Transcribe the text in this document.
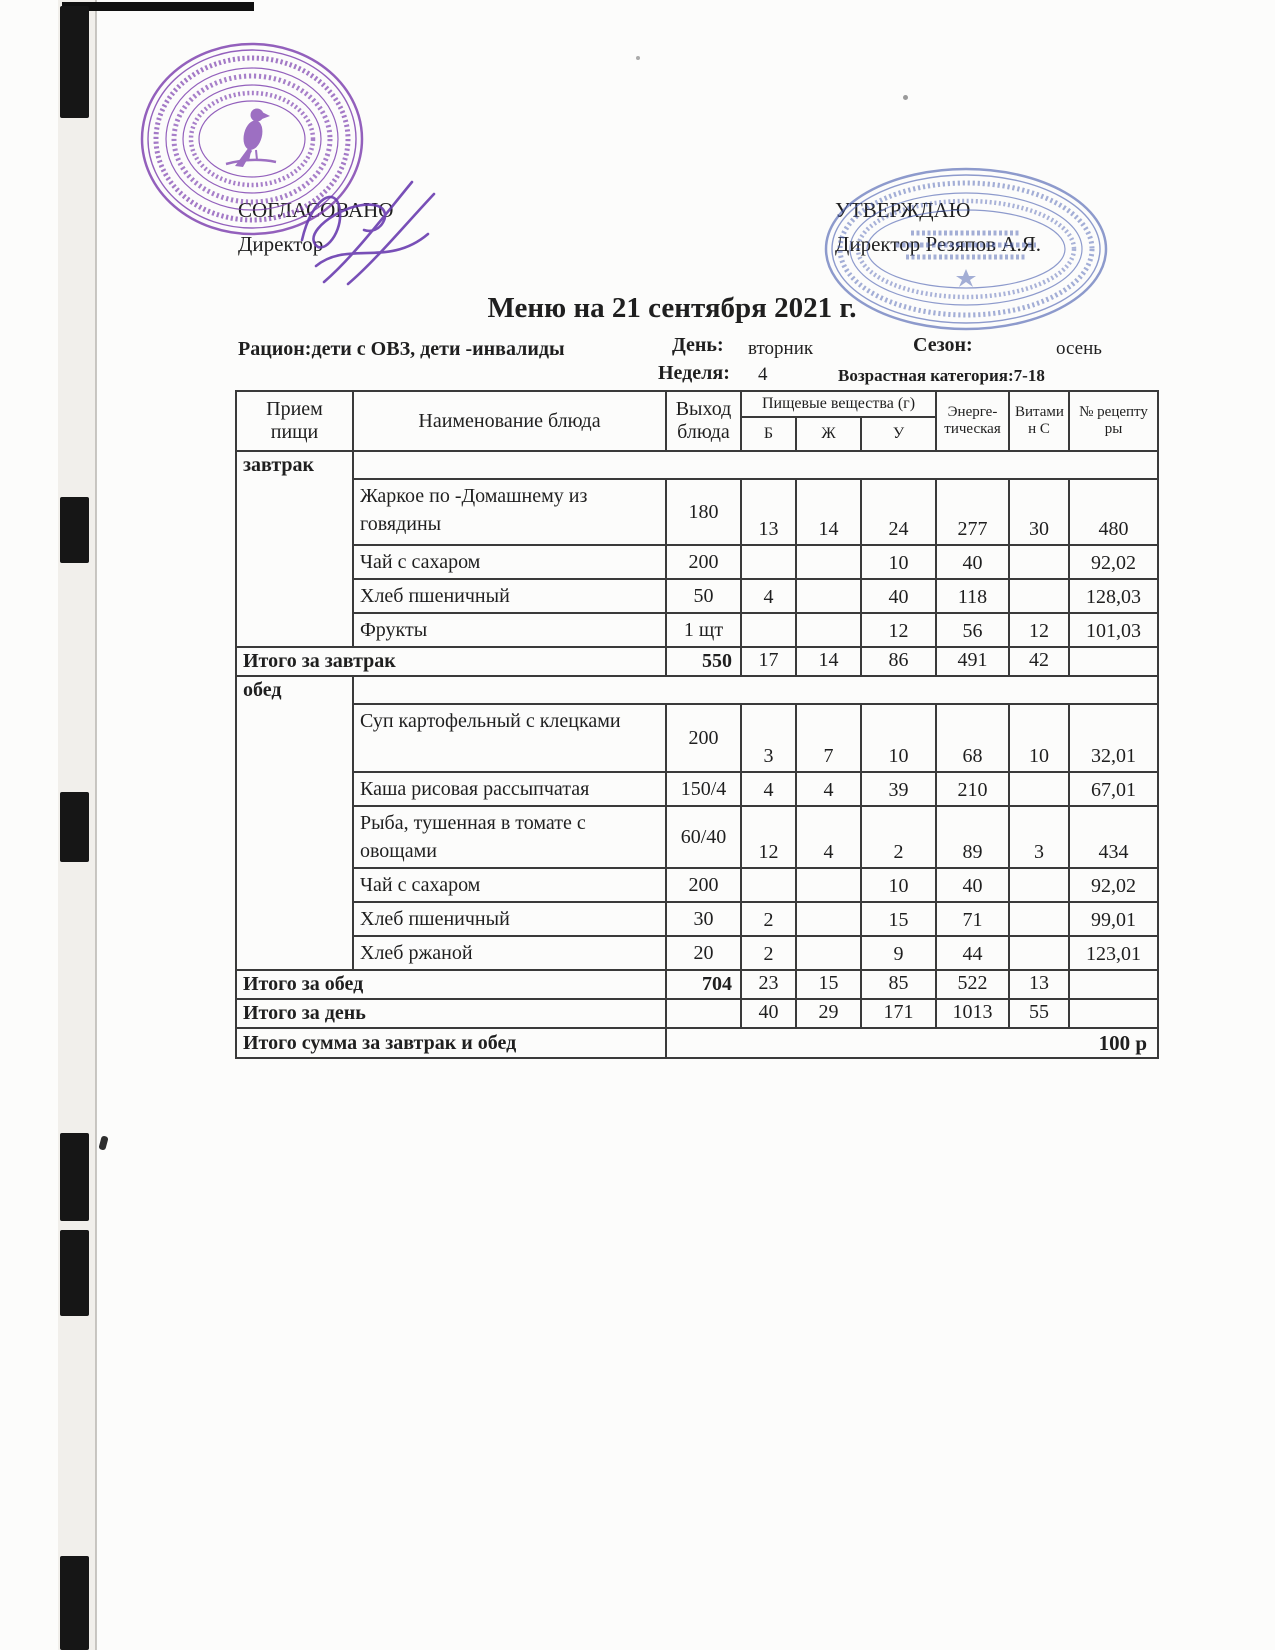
СОГЛАСОВАНО
Директор
УТВЕРЖДАЮ
Директор Резяпов А.Я.
Меню на 21 сентября 2021 г.
Рацион:дети с ОВЗ, дети -инвалиды	День: вторник	Сезон:	осень
Неделя: 4	Возрастная категория:7-18
Прием пищи	Наименование блюда	Выход блюда	Пищевые вещества (г)			Энерге-тическая	Витами н С	№ рецепту ры
			Б	Ж	У			
завтрак								
	Жаркое по -Домашнему из говядины	180	13	14	24	277	30	480
	Чай с сахаром	200			10	40		92,02
	Хлеб пшеничный	50	4		40	118		128,03
	Фрукты	1 щт			12	56	12	101,03
Итого за завтрак		550	17	14	86	491	42	
обед								
	Суп картофельный с клецками	200	3	7	10	68	10	32,01
	Каша рисовая рассыпчатая	150/4	4	4	39	210		67,01
	Рыба, тушенная в томате с овощами	60/40	12	4	2	89	3	434
	Чай с сахаром	200			10	40		92,02
	Хлеб пшеничный	30	2		15	71		99,01
	Хлеб ржаной	20	2		9	44		123,01
Итого за обед		704	23	15	85	522	13	
Итого за день			40	29	171	1013	55	
Итого сумма за завтрак и обед		100 р						
